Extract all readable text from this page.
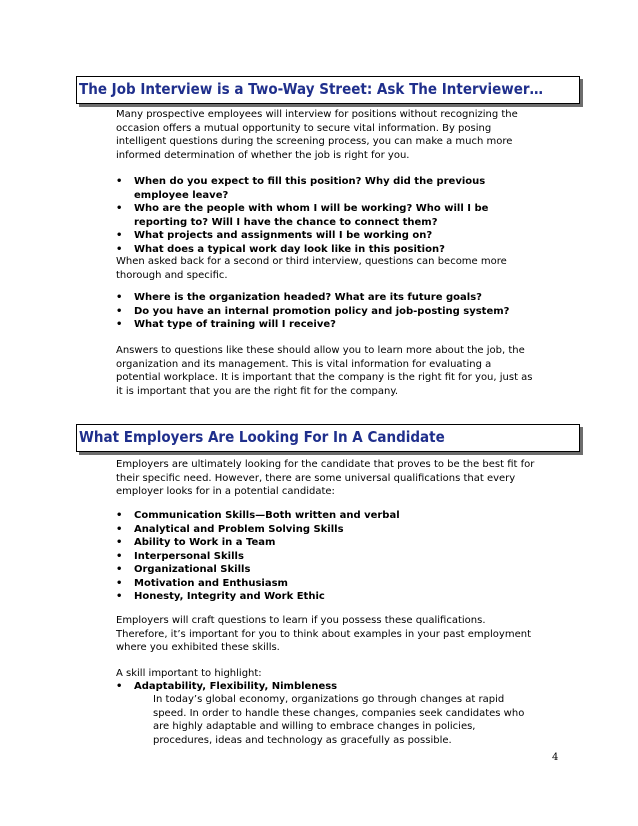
The Job Interview is a Two-Way Street: Ask The Interviewer…

Many prospective employees will interview for positions without recognizing the occasion offers a mutual opportunity to secure vital information. By posing intelligent questions during the screening process, you can make a much more informed determination of whether the job is right for you.

• When do you expect to fill this position? Why did the previous employee leave?
• Who are the people with whom I will be working? Who will I be reporting to? Will I have the chance to connect them?
• What projects and assignments will I be working on?
• What does a typical work day look like in this position?

When asked back for a second or third interview, questions can become more thorough and specific.

• Where is the organization headed? What are its future goals?
• Do you have an internal promotion policy and job-posting system?
• What type of training will I receive?

Answers to questions like these should allow you to learn more about the job, the organization and its management. This is vital information for evaluating a potential workplace. It is important that the company is the right fit for you, just as it is important that you are the right fit for the company.

What Employers Are Looking For In A Candidate

Employers are ultimately looking for the candidate that proves to be the best fit for their specific need. However, there are some universal qualifications that every employer looks for in a potential candidate:

• Communication Skills—Both written and verbal
• Analytical and Problem Solving Skills
• Ability to Work in a Team
• Interpersonal Skills
• Organizational Skills
• Motivation and Enthusiasm
• Honesty, Integrity and Work Ethic

Employers will craft questions to learn if you possess these qualifications. Therefore, it’s important for you to think about examples in your past employment where you exhibited these skills.

A skill important to highlight:

• Adaptability, Flexibility, Nimbleness

In today’s global economy, organizations go through changes at rapid speed. In order to handle these changes, companies seek candidates who are highly adaptable and willing to embrace changes in policies, procedures, ideas and technology as gracefully as possible.

4
